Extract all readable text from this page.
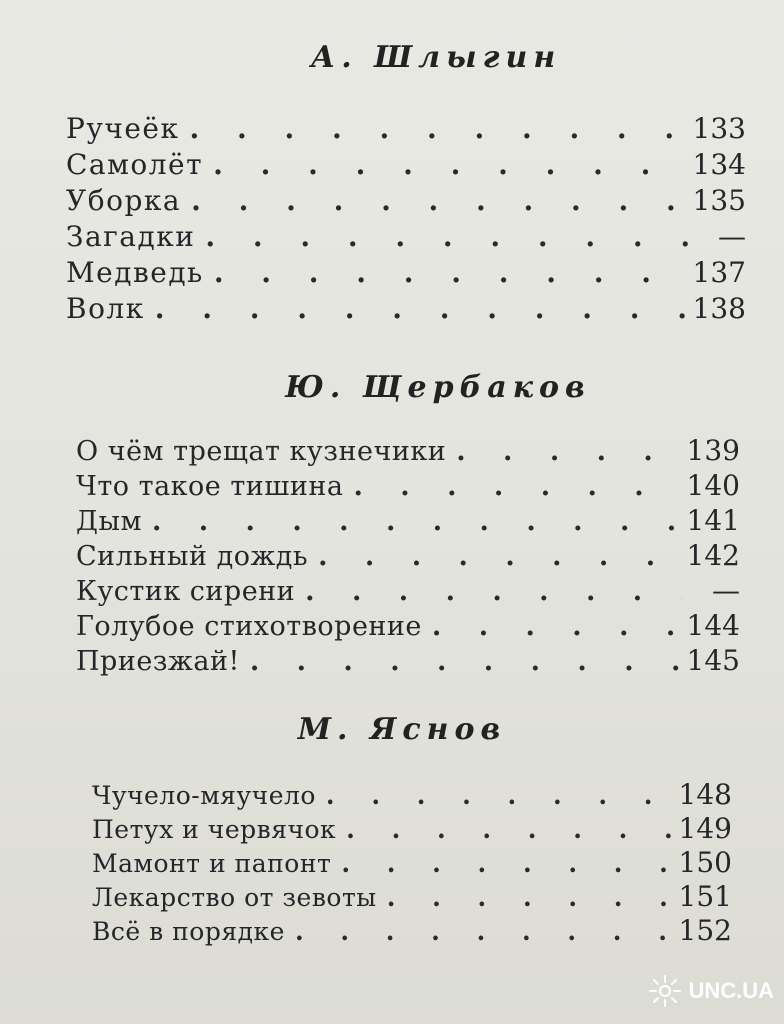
А. Шлыгин
Ручеёк . . .	133
Самолёт . . .	134
Уборка . . .	135
Загадки . . .	—
Медведь . . .	137
Волк . . .	138
Ю. Щербаков
О чём трещат кузнечики . . .	139
Что такое тишина . . .	140
Дым . . .	141
Сильный дождь . . .	142
Кустик сирени . . .	—
Голубое стихотворение . . .	144
Приезжай! . . .	145
М. Яснов
Чучело-мяучело . . .	148
Петух и червячок . . .	149
Мамонт и папонт . . .	150
Лекарство от зевоты . . .	151
Всё в порядке . . .	152
UNC.UA
